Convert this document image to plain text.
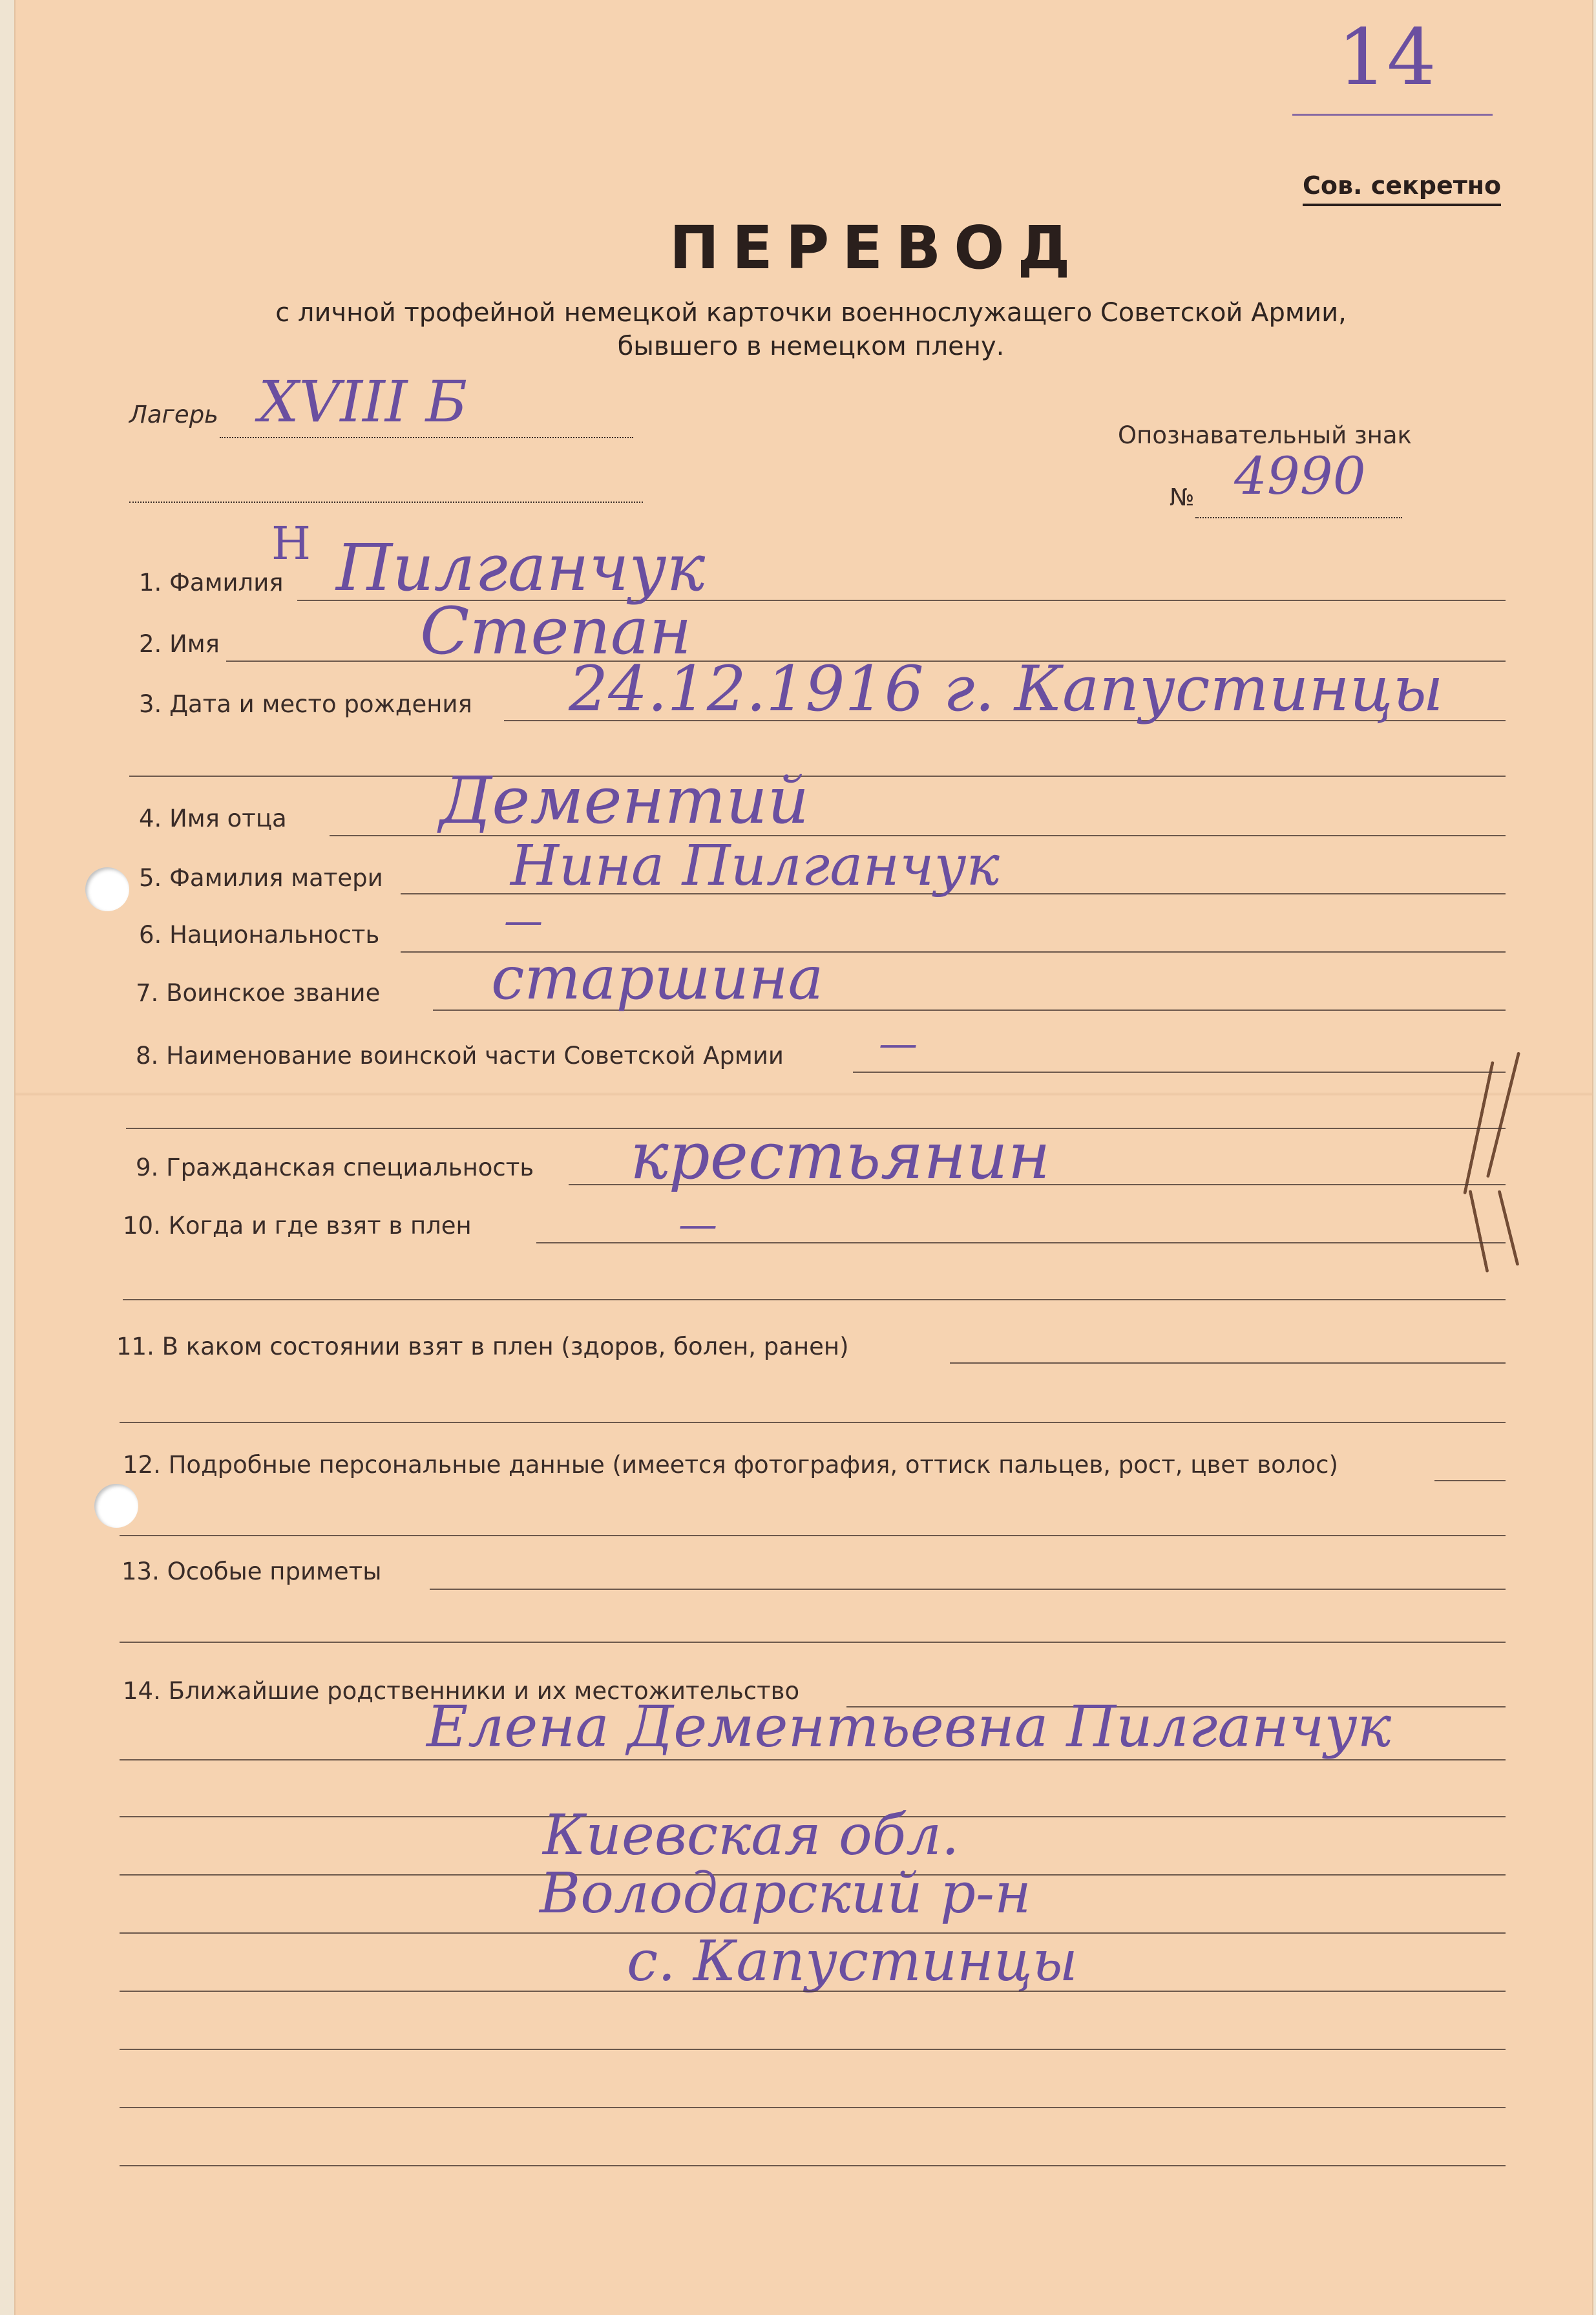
14
Сов. секретно
ПЕРЕВОД
с личной трофейной немецкой карточки военнослужащего Советской Армии,
бывшего в немецком плену.
Лагерь XVIII Б
Опознавательный знак
№ 4990
Н
1. Фамилия Пилганчук
2. Имя	Степан
3. Дата и место рождения 24.12.1916 г. Капустинцы
4. Имя отца Дементий
5. Фамилия матери Нина Пилганчук
6. Национальность	—
7. Воинское звание старшина
8. Наименование воинской части Советской Армии —
9. Гражданская специальность крестьянин
10. Когда и где взят в плен	—
11. В каком состоянии взят в плен (здоров, болен, ранен)
12. Подробные персональные данные (имеется фотография, оттиск пальцев, рост, цвет волос)
13. Особые приметы
14. Ближайшие родственники и их местожительство
Елена Дементьевна Пилганчук
Киевская обл.
Володарский р-н
с. Капустинцы
